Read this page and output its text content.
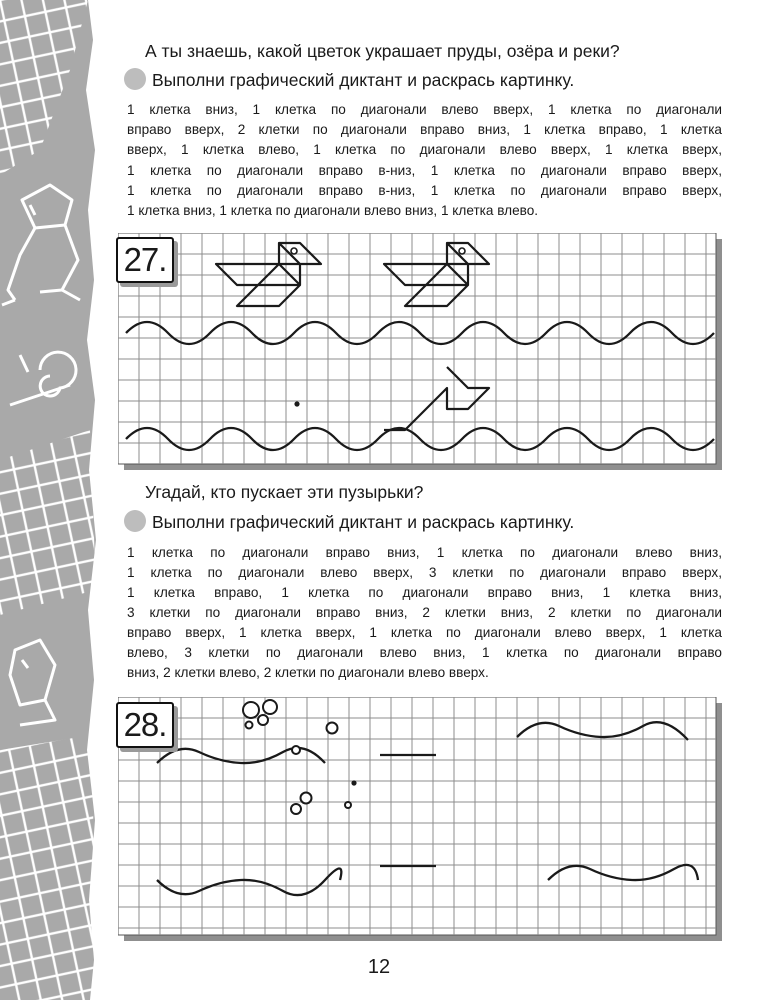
А ты знаешь, какой цветок украшает пруды, озёра и реки?
Выполни графический диктант и раскрась картинку.
1 клетка вниз, 1 клетка по диагонали влево вверх, 1 клетка по диагонали
вправо вверх, 2 клетки по диагонали вправо вниз, 1 клетка вправо, 1 клетка
вверх, 1 клетка влево, 1 клетка по диагонали влево вверх, 1 клетка вверх,
1 клетка по диагонали вправо в-низ, 1 клетка по диагонали вправо вверх,
1 клетка по диагонали вправо в-низ, 1 клетка по диагонали вправо вверх,
1 клетка вниз, 1 клетка по диагонали влево вниз, 1 клетка влево.
27.
Угадай, кто пускает эти пузырьки?
Выполни графический диктант и раскрась картинку.
1 клетка по диагонали вправо вниз, 1 клетка по диагонали влево вниз,
1 клетка по диагонали влево вверх, 3 клетки по диагонали вправо вверх,
1 клетка вправо, 1 клетка по диагонали вправо вниз, 1 клетка вниз,
3 клетки по диагонали вправо вниз, 2 клетки вниз, 2 клетки по диагонали
вправо вверх, 1 клетка вверх, 1 клетка по диагонали влево вверх, 1 клетка
влево, 3 клетки по диагонали влево вниз, 1 клетка по диагонали вправо
вниз, 2 клетки влево, 2 клетки по диагонали влево вверх.
28.
12
